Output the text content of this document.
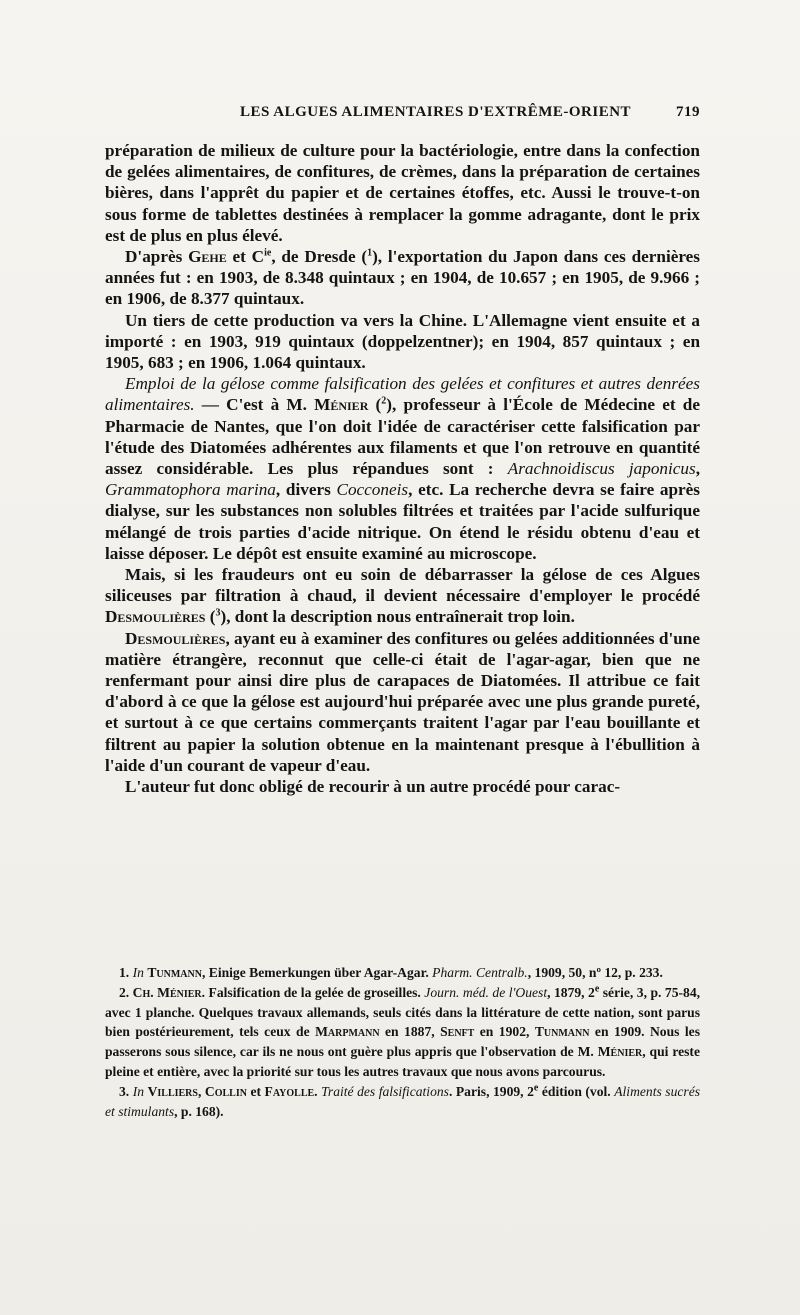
LES ALGUES ALIMENTAIRES D'EXTRÊME-ORIENT	719

préparation de milieux de culture pour la bactériologie, entre dans la confection de gelées alimentaires, de confitures, de crèmes, dans la préparation de certaines bières, dans l'apprêt du papier et de certaines étoffes, etc. Aussi le trouve-t-on sous forme de tablettes destinées à remplacer la gomme adragante, dont le prix est de plus en plus élevé.

D'après Gehe et $C^{ie}$, de Dresde ($^1$), l'exportation du Japon dans ces dernières années fut : en 1903, de 8.348 quintaux ; en 1904, de 10.657 ; en 1905, de 9.966 ; en 1906, de 8.377 quintaux.

Un tiers de cette production va vers la Chine. L'Allemagne vient ensuite et a importé : en 1903, 919 quintaux (doppelzentner); en 1904, 857 quintaux ; en 1905, 683 ; en 1906, 1.064 quintaux.

Emploi de la gélose comme falsification des gelées et confitures et autres denrées alimentaires. — C'est à M. Ménier ($^2$), professeur à l'École de Médecine et de Pharmacie de Nantes, que l'on doit l'idée de caractériser cette falsification par l'étude des Diatomées adhérentes aux filaments et que l'on retrouve en quantité assez considérable. Les plus répandues sont : Arachnoidiscus japonicus, Grammatophora marina, divers Cocconeis, etc. La recherche devra se faire après dialyse, sur les substances non solubles filtrées et traitées par l'acide sulfurique mélangé de trois parties d'acide nitrique. On étend le résidu obtenu d'eau et laisse déposer. Le dépôt est ensuite examiné au microscope.

Mais, si les fraudeurs ont eu soin de débarrasser la gélose de ces Algues siliceuses par filtration à chaud, il devient nécessaire d'employer le procédé Desmoulières ($^3$), dont la description nous entraînerait trop loin.

Desmoulières, ayant eu à examiner des confitures ou gelées additionnées d'une matière étrangère, reconnut que celle-ci était de l'agar-agar, bien que ne renfermant pour ainsi dire plus de carapaces de Diatomées. Il attribue ce fait d'abord à ce que la gélose est aujourd'hui préparée avec une plus grande pureté, et surtout à ce que certains commerçants traitent l'agar par l'eau bouillante et filtrent au papier la solution obtenue en la maintenant presque à l'ébullition à l'aide d'un courant de vapeur d'eau.

L'auteur fut donc obligé de recourir à un autre procédé pour carac-

1. In Tunmann, Einige Bemerkungen über Agar-Agar. Pharm. Centralb., 1909, 50, nº 12, p. 233.

2. Ch. Ménier. Falsification de la gelée de groseilles. Journ. méd. de l'Ouest, 1879, 2e série, 3, p. 75-84, avec 1 planche. Quelques travaux allemands, seuls cités dans la littérature de cette nation, sont parus bien postérieurement, tels ceux de Marpmann en 1887, Senft en 1902, Tunmann en 1909. Nous les passerons sous silence, car ils ne nous ont guère plus appris que l'observation de M. Ménier, qui reste pleine et entière, avec la priorité sur tous les autres travaux que nous avons parcourus.

3. In Villiers, Collin et Fayolle. Traité des falsifications. Paris, 1909, 2e édition (vol. Aliments sucrés et stimulants, p. 168).
